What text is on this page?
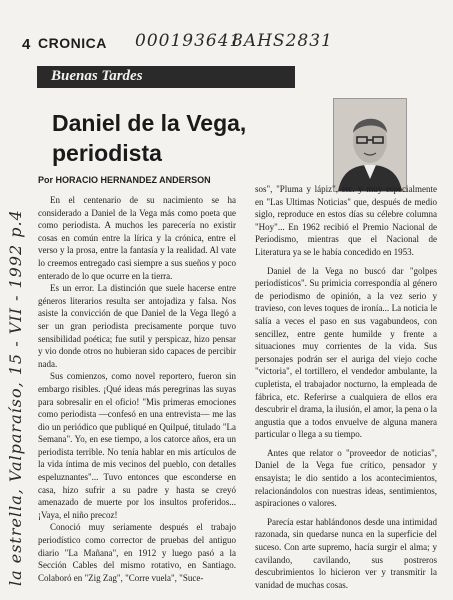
4 CRONICA 000193641
8AHS2831
la estrella, Valparaíso, 15 - VII - 1992 p.4
Buenas Tardes
Daniel de la Vega, periodista
Por HORACIO HERNANDEZ ANDERSON

En el centenario de su nacimiento se ha considerado a Daniel de la Vega más como poeta que como periodista. A muchos les parecería no existir cosas en común entre la lírica y la crónica, entre el verso y la prosa, entre la fantasía y la realidad. Al vate lo creemos entregado casi siempre a sus sueños y poco enterado de lo que ocurre en la tierra.

Es un error. La distinción que suele hacerse entre géneros literarios resulta ser antojadiza y falsa. Nos asiste la convicción de que Daniel de la Vega llegó a ser un gran periodista precisamente porque tuvo sensibilidad poética; fue sutil y perspicaz, hizo pensar y vio donde otros no hubieran sido capaces de percibir nada.

Sus comienzos, como novel reportero, fueron sin embargo risibles. ¡Qué ideas más peregrinas las suyas para sobresalir en el oficio! "Mis primeras emociones como periodista —confesó en una entrevista— me las dio un periódico que publiqué en Quilpué, titulado "La Semana". Yo, en ese tiempo, a los catorce años, era un periodista terrible. No tenía hablar en mis artículos de la vida íntima de mis vecinos del pueblo, con detalles espeluznantes"... Tuvo entonces que esconderse en casa, hizo sufrir a su padre y hasta se creyó amenazado de muerte por los insultos proferidos... ¡Vaya, el niño precoz!

Conoció muy seriamente después el trabajo periodístico como corrector de pruebas del antiguo diario "La Mañana", en 1912 y luego pasó a la Sección Cables del mismo rotativo, en Santiago. Colaboró en "Zig Zag", "Corre vuela", "Suce-

sos", "Pluma y lápiz", etc. y muy especialmente en "Las Ultimas Noticias" que, después de medio siglo, reproduce en estos días su célebre columna "Hoy"... En 1962 recibió el Premio Nacional de Periodismo, mientras que el Nacional de Literatura ya se le había concedido en 1953.

Daniel de la Vega no buscó dar "golpes periodísticos". Su primicia correspondía al género de periodismo de opinión, a la vez serio y travieso, con leves toques de ironía... La noticia le salía a veces el paso en sus vagabundeos, con sencillez, entre gente humilde y frente a situaciones muy corrientes de la vida. Sus personajes podrán ser el auriga del viejo coche "victoria", el tortillero, el vendedor ambulante, la cupletista, el trabajador nocturno, la empleada de fábrica, etc. Referirse a cualquiera de ellos era descubrir el drama, la ilusión, el amor, la pena o la angustia que a todos envuelve de alguna manera particular o llega a su tiempo.

Antes que relator o "proveedor de noticias", Daniel de la Vega fue crítico, pensador y ensayista; le dio sentido a los acontecimientos, relacionándolos con nuestras ideas, sentimientos, aspiraciones o valores.

Parecía estar hablándonos desde una intimidad razonada, sin quedarse nunca en la superficie del suceso. Con arte supremo, hacía surgir el alma; y cavilando, cavilando, sus postreros descubrimientos lo hicieron ver y transmitir la vanidad de muchas cosas.
